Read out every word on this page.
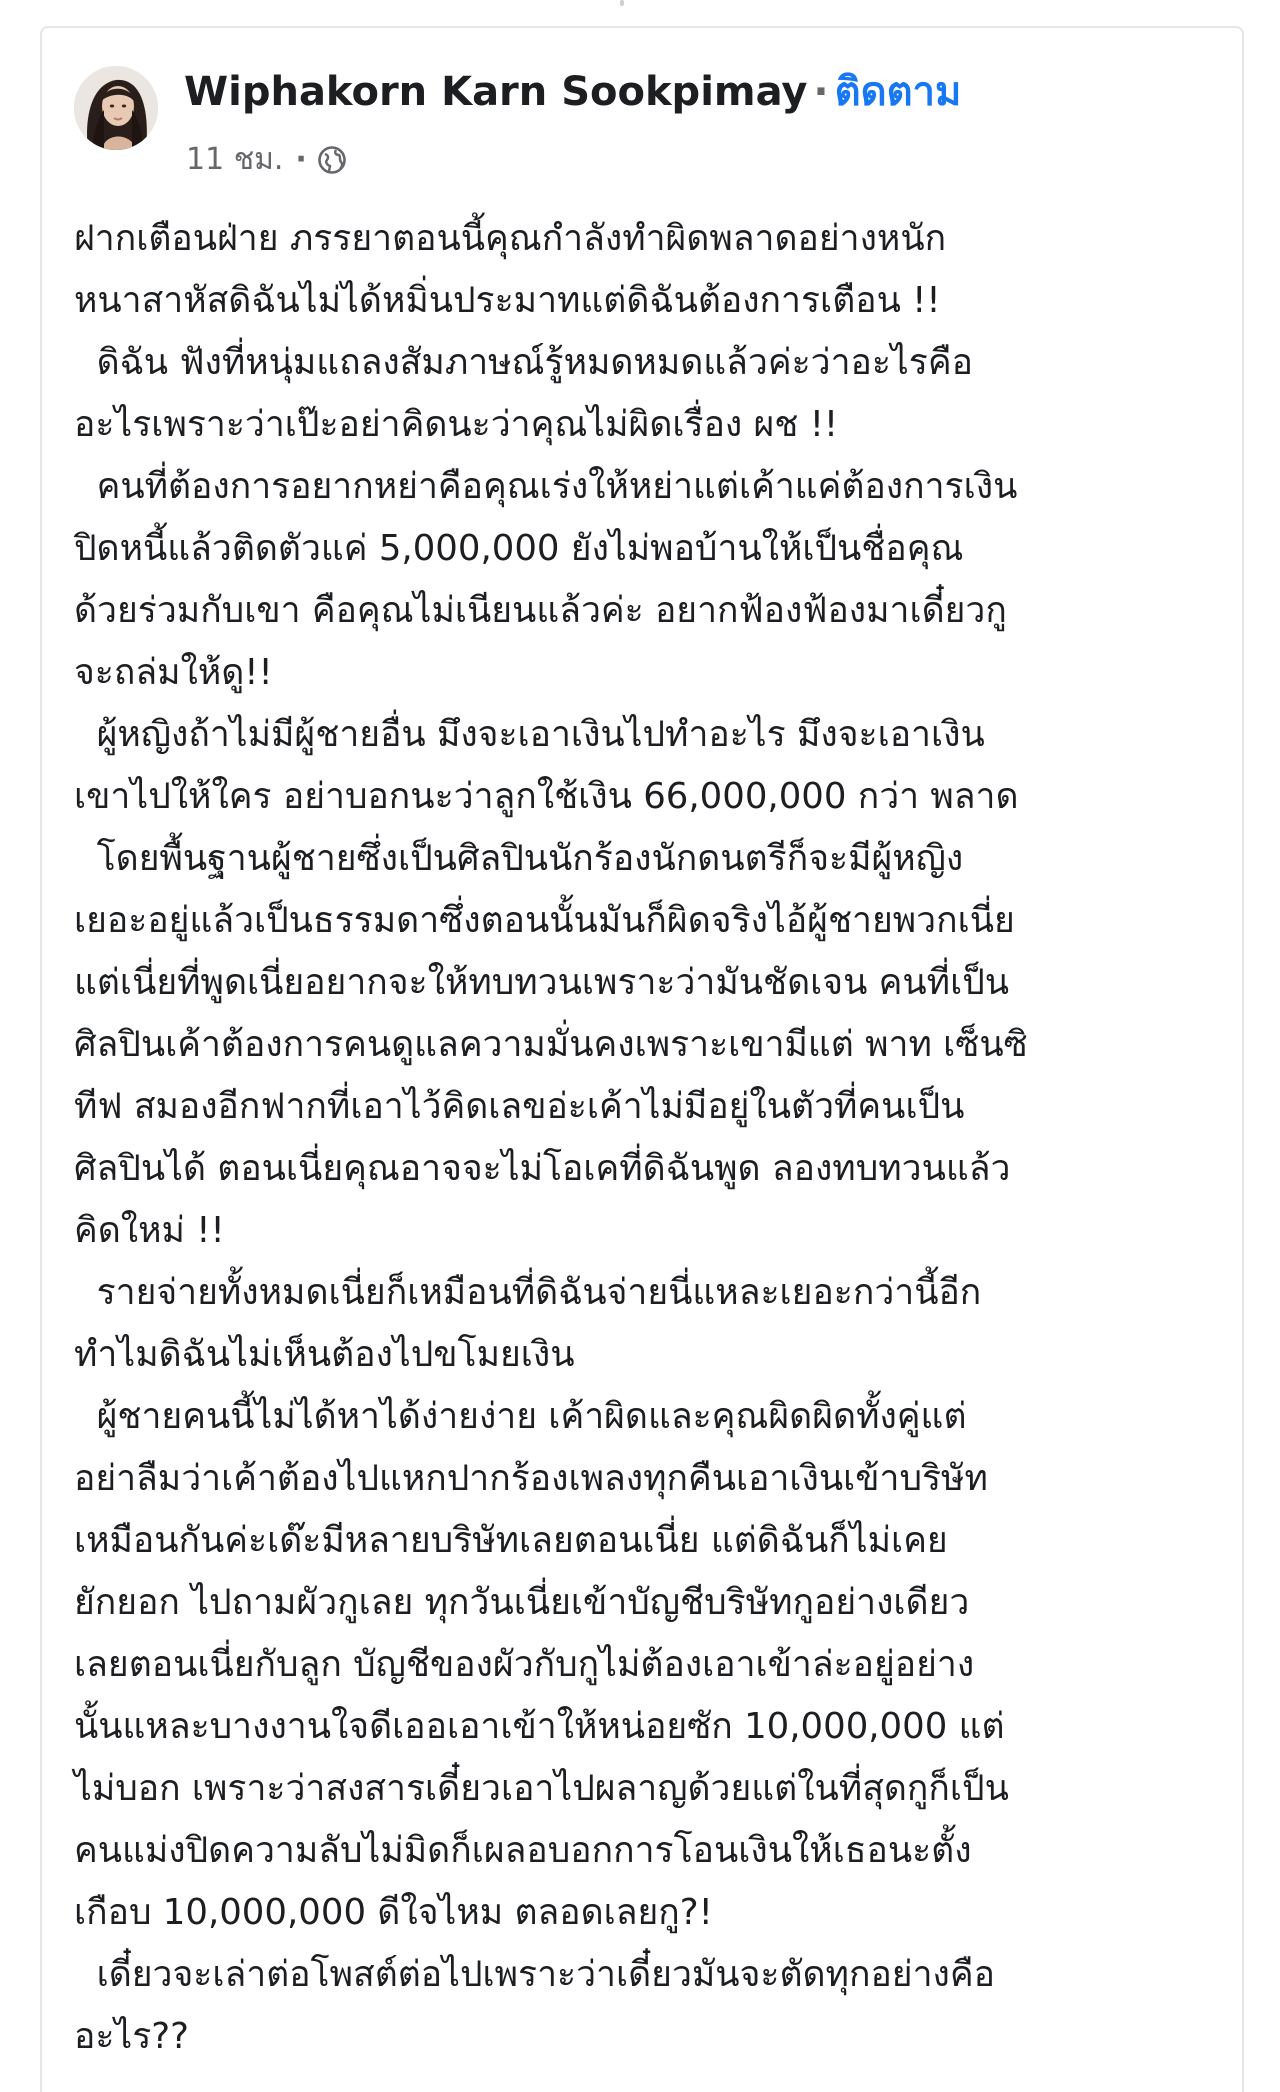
Wiphakorn Karn Sookpimay · ติดตาม
11 ชม. ·
ฝากเตือนฝ่าย ภรรยาตอนนี้คุณกำลังทำผิดพลาดอย่างหนัก
หนาสาหัสดิฉันไม่ได้หมิ่นประมาทแต่ดิฉันต้องการเตือน !!
ดิฉัน ฟังที่หนุ่มแถลงสัมภาษณ์รู้หมดหมดแล้วค่ะว่าอะไรคือ
อะไรเพราะว่าเป๊ะอย่าคิดนะว่าคุณไม่ผิดเรื่อง ผช !!
คนที่ต้องการอยากหย่าคือคุณเร่งให้หย่าแต่เค้าแค่ต้องการเงิน
ปิดหนี้แล้วติดตัวแค่ 5,000,000 ยังไม่พอบ้านให้เป็นชื่อคุณ
ด้วยร่วมกับเขา คือคุณไม่เนียนแล้วค่ะ อยากฟ้องฟ้องมาเดี๋ยวกู
จะถล่มให้ดู!!
ผู้หญิงถ้าไม่มีผู้ชายอื่น มึงจะเอาเงินไปทำอะไร มึงจะเอาเงิน
เขาไปให้ใคร อย่าบอกนะว่าลูกใช้เงิน 66,000,000 กว่า พลาด
โดยพื้นฐานผู้ชายซึ่งเป็นศิลปินนักร้องนักดนตรีก็จะมีผู้หญิง
เยอะอยู่แล้วเป็นธรรมดาซึ่งตอนนั้นมันก็ผิดจริงไอ้ผู้ชายพวกเนี่ย
แต่เนี่ยที่พูดเนี่ยอยากจะให้ทบทวนเพราะว่ามันชัดเจน คนที่เป็น
ศิลปินเค้าต้องการคนดูแลความมั่นคงเพราะเขามีแต่ พาท เซ็นซิ
ทีฟ สมองอีกฟากที่เอาไว้คิดเลขอ่ะเค้าไม่มีอยู่ในตัวที่คนเป็น
ศิลปินได้ ตอนเนี่ยคุณอาจจะไม่โอเคที่ดิฉันพูด ลองทบทวนแล้ว
คิดใหม่ !!
รายจ่ายทั้งหมดเนี่ยก็เหมือนที่ดิฉันจ่ายนี่แหละเยอะกว่านี้อีก
ทำไมดิฉันไม่เห็นต้องไปขโมยเงิน
ผู้ชายคนนี้ไม่ได้หาได้ง่ายง่าย เค้าผิดและคุณผิดผิดทั้งคู่แต่
อย่าลืมว่าเค้าต้องไปแหกปากร้องเพลงทุกคืนเอาเงินเข้าบริษัท
เหมือนกันค่ะเด๊ะมีหลายบริษัทเลยตอนเนี่ย แต่ดิฉันก็ไม่เคย
ยักยอก ไปถามผัวกูเลย ทุกวันเนี่ยเข้าบัญชีบริษัทกูอย่างเดียว
เลยตอนเนี่ยกับลูก บัญชีของผัวกับกูไม่ต้องเอาเข้าล่ะอยู่อย่าง
นั้นแหละบางงานใจดีเออเอาเข้าให้หน่อยซัก 10,000,000 แต่
ไม่บอก เพราะว่าสงสารเดี๋ยวเอาไปผลาญด้วยแต่ในที่สุดกูก็เป็น
คนแม่งปิดความลับไม่มิดก็เผลอบอกการโอนเงินให้เธอนะตั้ง
เกือบ 10,000,000 ดีใจไหม ตลอดเลยกู?!
เดี๋ยวจะเล่าต่อโพสต์ต่อไปเพราะว่าเดี๋ยวมันจะตัดทุกอย่างคือ
อะไร??
